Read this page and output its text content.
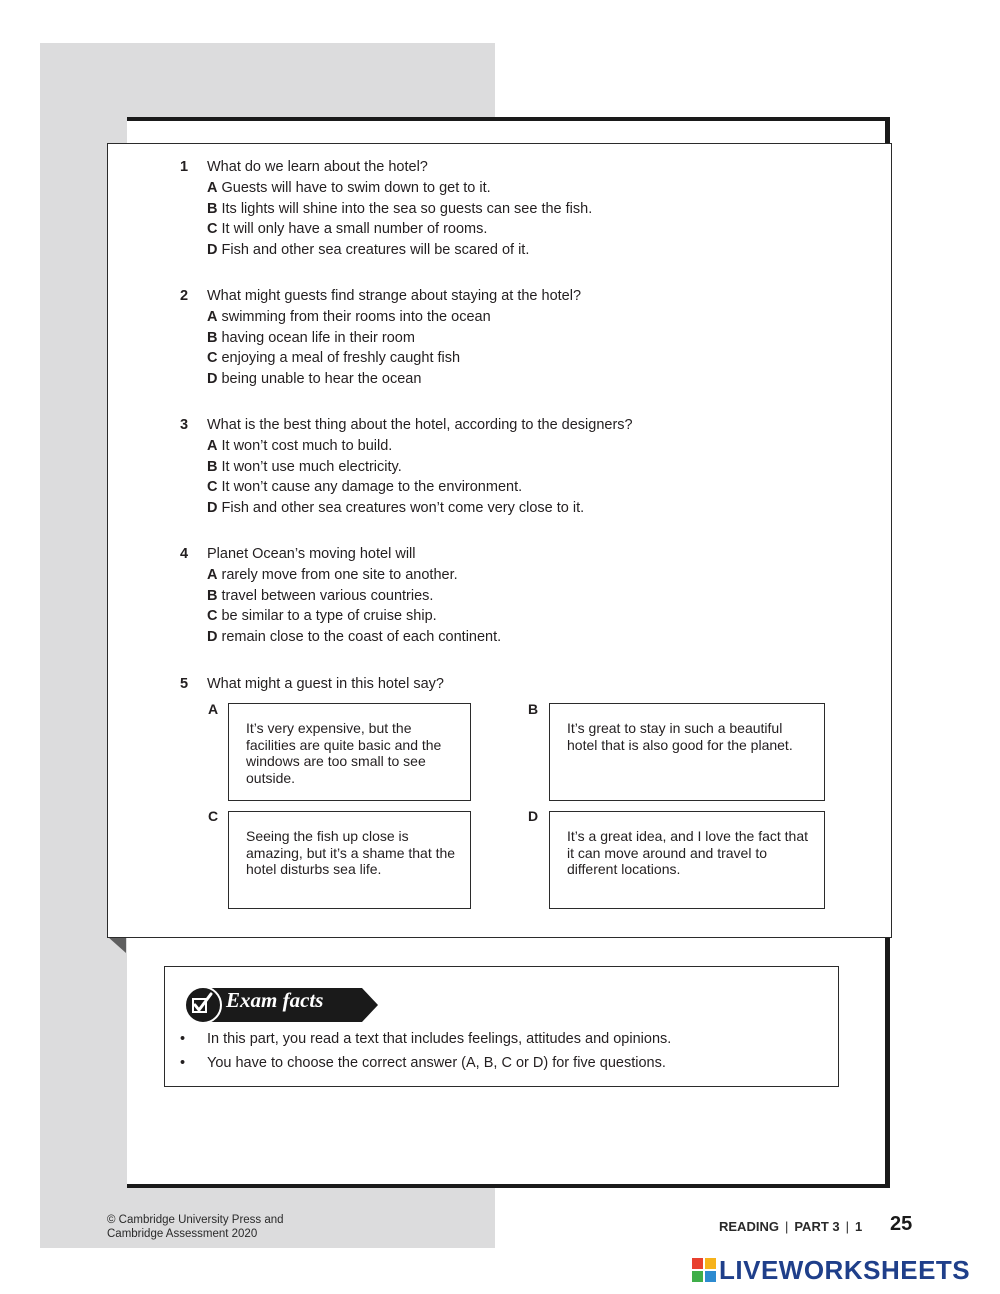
1	What do we learn about the hotel?
A Guests will have to swim down to get to it.
B Its lights will shine into the sea so guests can see the fish.
C It will only have a small number of rooms.
D Fish and other sea creatures will be scared of it.
2	What might guests find strange about staying at the hotel?
A swimming from their rooms into the ocean
B having ocean life in their room
C enjoying a meal of freshly caught fish
D being unable to hear the ocean
3	What is the best thing about the hotel, according to the designers?
A It won’t cost much to build.
B It won’t use much electricity.
C It won’t cause any damage to the environment.
D Fish and other sea creatures won’t come very close to it.
4	Planet Ocean’s moving hotel will
A rarely move from one site to another.
B travel between various countries.
C be similar to a type of cruise ship.
D remain close to the coast of each continent.
5	What might a guest in this hotel say?
A
It’s very expensive, but the facilities are quite basic and the windows are too small to see outside.
B
It’s great to stay in such a beautiful hotel that is also good for the planet.
C
Seeing the fish up close is amazing, but it’s a shame that the hotel disturbs sea life.
D
It’s a great idea, and I love the fact that it can move around and travel to different locations.
Exam facts
• In this part, you read a text that includes feelings, attitudes and opinions.
• You have to choose the correct answer (A, B, C or D) for five questions.
© Cambridge University Press and
Cambridge Assessment 2020	READING | PART 3 | 1 25
LIVEWORKSHEETS
